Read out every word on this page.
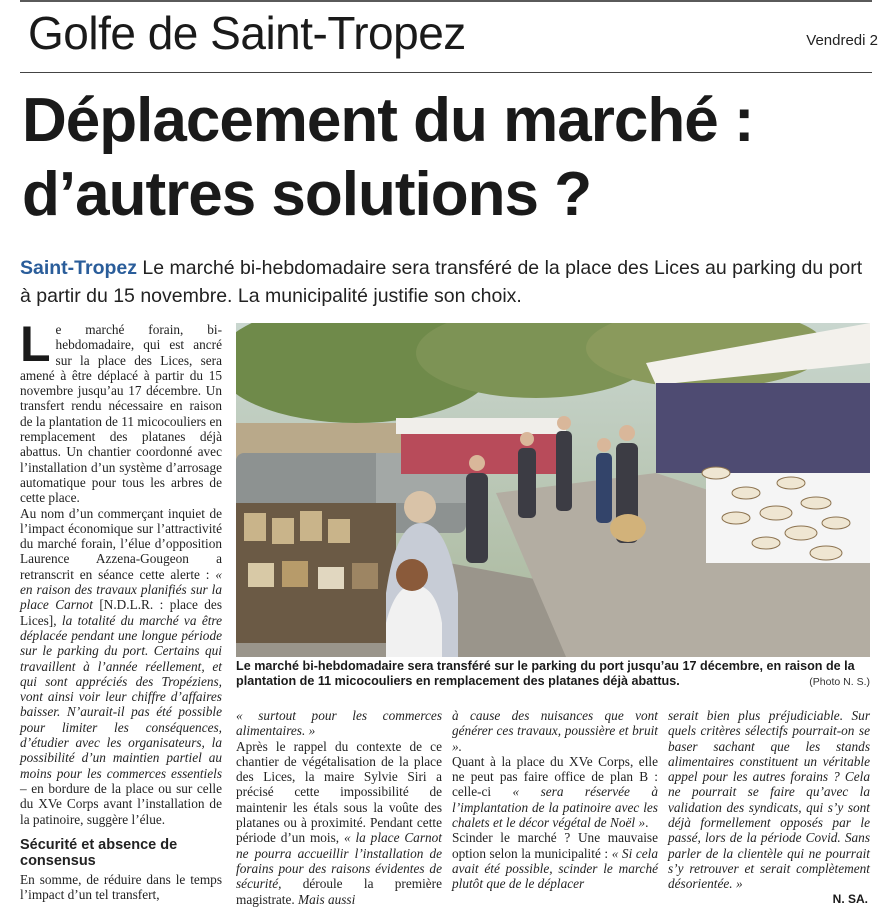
Golfe de Saint-Tropez	Vendredi 2
Déplacement du marché :
d’autres solutions ?
Saint-Tropez Le marché bi-hebdomadaire sera transféré de la place des Lices au parking du port à partir du 15 novembre. La municipalité justifie son choix.

Le marché forain, bi-hebdomadaire, qui est ancré sur la place des Lices, sera amené à être déplacé à partir du 15 novembre jusqu’au 17 décembre. Un transfert rendu nécessaire en raison de la plantation de 11 micocouliers en remplacement des platanes déjà abattus. Un chantier coordonné avec l’installation d’un système d’arrosage automatique pour tous les arbres de cette place.

Au nom d’un commerçant inquiet de l’impact économique sur l’attractivité du marché forain, l’élue d’opposition Laurence Azzena-Gougeon a retranscrit en séance cette alerte : « en raison des travaux planifiés sur la place Carnot [N.D.L.R. : place des Lices], la totalité du marché va être déplacée pendant une longue période sur le parking du port. Certains qui travaillent à l’année réellement, et qui sont appréciés des Tropéziens, vont ainsi voir leur chiffre d’affaires baisser. N’aurait-il pas été possible pour limiter les conséquences, d’étudier avec les organisateurs, la possibilité d’un maintien partiel au moins pour les commerces essentiels – en bordure de la place ou sur celle du XVe Corps avant l’installation de la patinoire, suggère l’élue.

Sécurité et absence de consensus

En somme, de réduire dans le temps l’impact d’un tel transfert,

Le marché bi-hebdomadaire sera transféré sur le parking du port jusqu’au 17 décembre, en raison de la plantation de 11 micocouliers en remplacement des platanes déjà abattus.	(Photo N. S.)

« surtout pour les commerces alimentaires. »

Après le rappel du contexte de ce chantier de végétalisation de la place des Lices, la maire Sylvie Siri a précisé cette impossibilité de maintenir les étals sous la voûte des platanes ou à proximité. Pendant cette période d’un mois, « la place Carnot ne pourra accueillir l’installation de forains pour des raisons évidentes de sécurité, déroule la première magistrate. Mais aussi

à cause des nuisances que vont générer ces travaux, poussière et bruit ».

Quant à la place du XVe Corps, elle ne peut pas faire office de plan B : celle-ci « sera réservée à l’implantation de la patinoire avec les chalets et le décor végétal de Noël ».

Scinder le marché ? Une mauvaise option selon la municipalité : « Si cela avait été possible, scinder le marché plutôt que de le déplacer

serait bien plus préjudiciable. Sur quels critères sélectifs pourrait-on se baser sachant que les stands alimentaires constituent un véritable appel pour les autres forains ? Cela ne pourrait se faire qu’avec la validation des syndicats, qui s’y sont déjà formellement opposés par le passé, lors de la période Covid. Sans parler de la clientèle qui ne pourrait s’y retrouver et serait complètement désorientée. »

N. SA.
